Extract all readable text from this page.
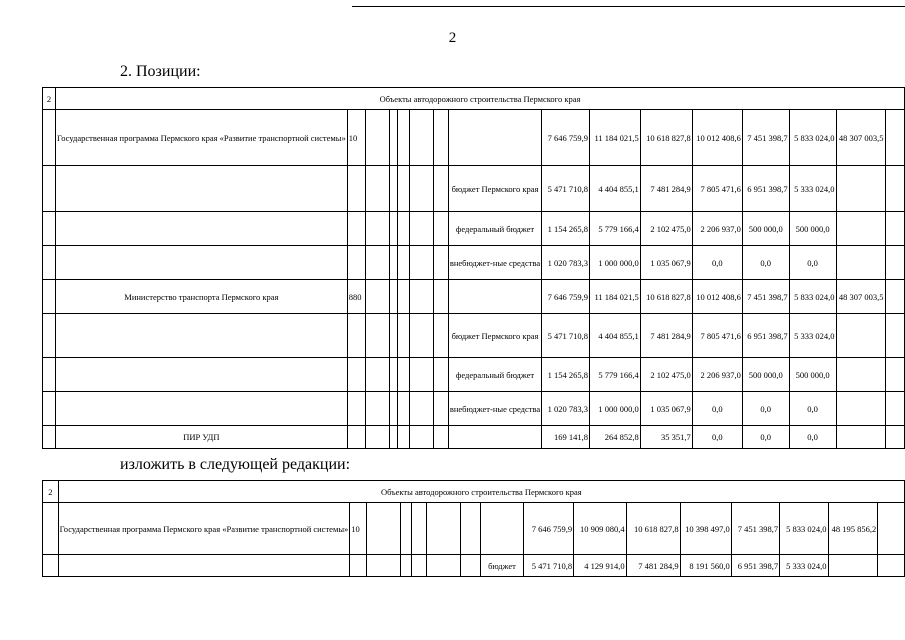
2
2. Позиции:
изложить в следующей редакции:
2	Объекты автодорожного строительства Пермского края															
	Государственная программа Пермского края «Развитие транспортной системы»	10							7 646 759,9	11 184 021,5	10 618 827,8	10 012 408,6	7 451 398,7	5 833 024,0	48 307 003,5	
								бюджет Пермского края	5 471 710,8	4 404 855,1	7 481 284,9	7 805 471,6	6 951 398,7	5 333 024,0		
								федеральный бюджет	1 154 265,8	5 779 166,4	2 102 475,0	2 206 937,0	500 000,0	500 000,0		
								внебюджет-ные средства	1 020 783,3	1 000 000,0	1 035 067,9	0,0	0,0	0,0		
	Министерство транспорта Пермского края	880							7 646 759,9	11 184 021,5	10 618 827,8	10 012 408,6	7 451 398,7	5 833 024,0	48 307 003,5	
								бюджет Пермского края	5 471 710,8	4 404 855,1	7 481 284,9	7 805 471,6	6 951 398,7	5 333 024,0		
								федеральный бюджет	1 154 265,8	5 779 166,4	2 102 475,0	2 206 937,0	500 000,0	500 000,0		
								внебюджет-ные средства	1 020 783,3	1 000 000,0	1 035 067,9	0,0	0,0	0,0		
	ПИР УДП								169 141,8	264 852,8	35 351,7	0,0	0,0	0,0		
2	Объекты автодорожного строительства Пермского края															
	Государственная программа Пермского края «Развитие транспортной системы»	10							7 646 759,9	10 909 080,4	10 618 827,8	10 398 497,0	7 451 398,7	5 833 024,0	48 195 856,2	
								бюджет	5 471 710,8	4 129 914,0	7 481 284,9	8 191 560,0	6 951 398,7	5 333 024,0		
